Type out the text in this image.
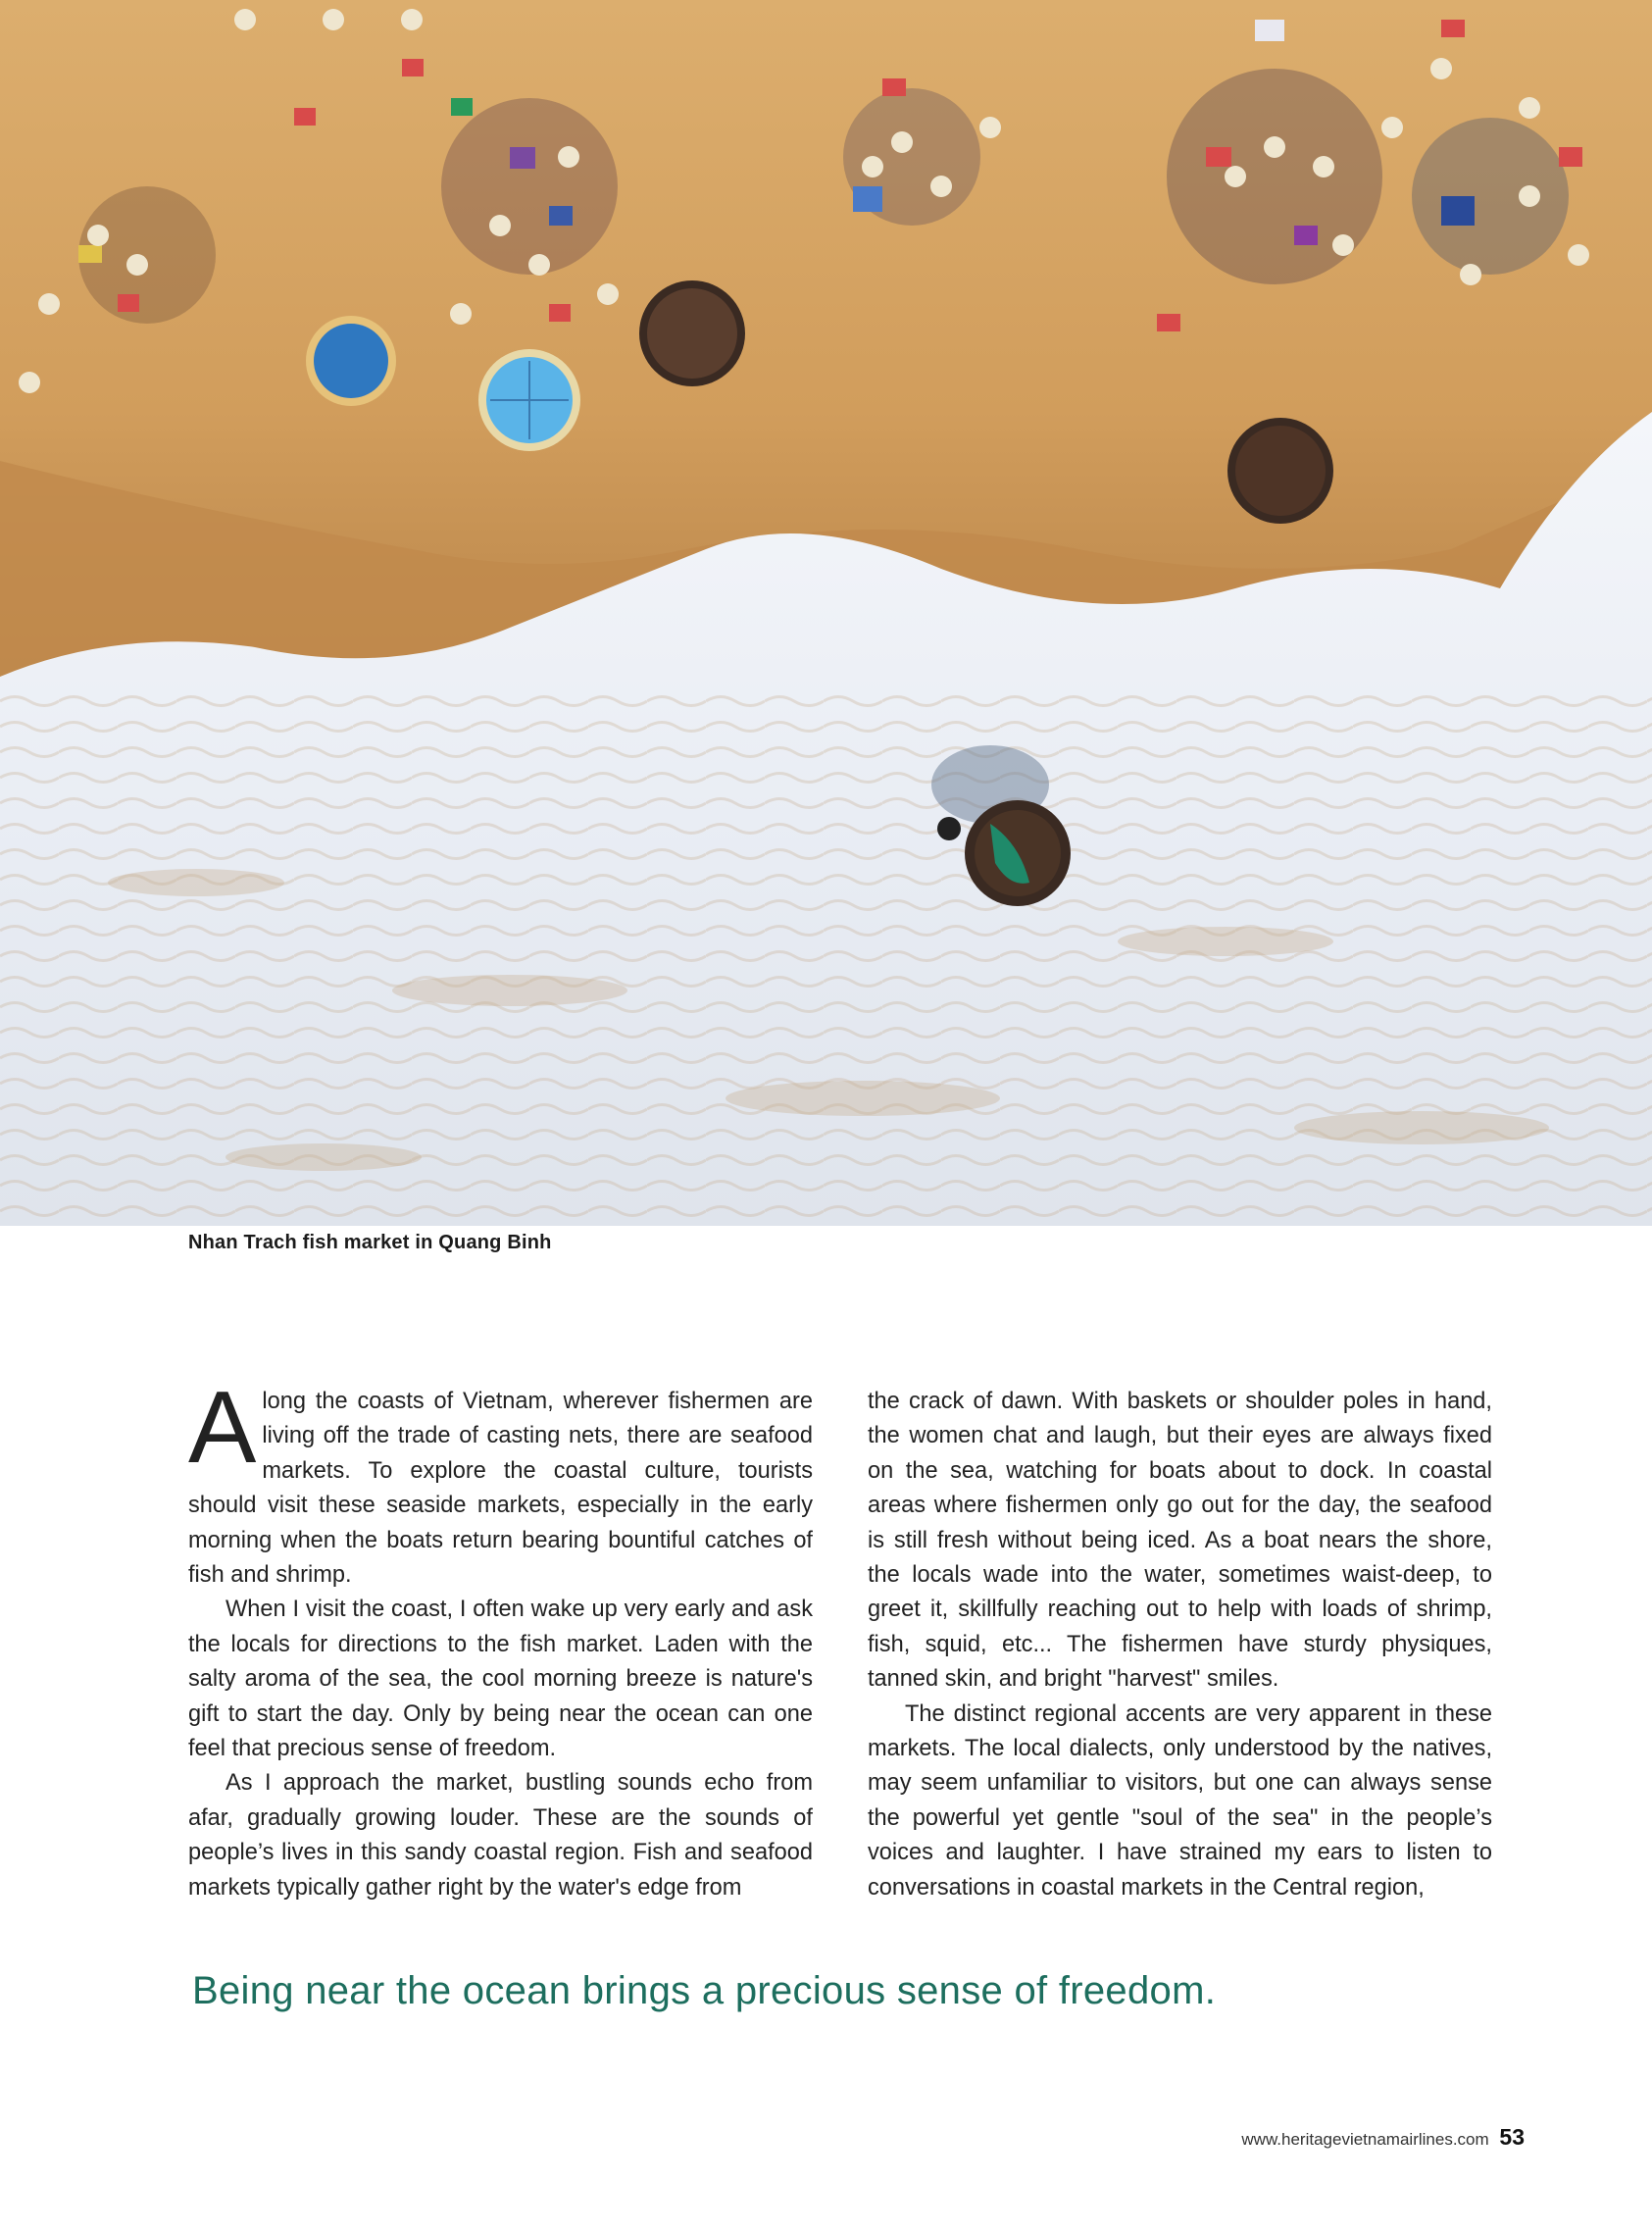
Nhan Trach fish market in Quang Binh

Along the coasts of Vietnam, wherever fishermen are living off the trade of casting nets, there are seafood markets. To explore the coastal culture, tourists should visit these seaside markets, especially in the early morning when the boats return bearing bountiful catches of fish and shrimp.

When I visit the coast, I often wake up very early and ask the locals for directions to the fish market. Laden with the salty aroma of the sea, the cool morning breeze is nature's gift to start the day. Only by being near the ocean can one feel that precious sense of freedom.

As I approach the market, bustling sounds echo from afar, gradually growing louder. These are the sounds of people’s lives in this sandy coastal region. Fish and seafood markets typically gather right by the water's edge from

the crack of dawn. With baskets or shoulder poles in hand, the women chat and laugh, but their eyes are always fixed on the sea, watching for boats about to dock. In coastal areas where fishermen only go out for the day, the seafood is still fresh without being iced. As a boat nears the shore, the locals wade into the water, sometimes waist-deep, to greet it, skillfully reaching out to help with loads of shrimp, fish, squid, etc... The fishermen have sturdy physiques, tanned skin, and bright "harvest" smiles.

The distinct regional accents are very apparent in these markets. The local dialects, only understood by the natives, may seem unfamiliar to visitors, but one can always sense the powerful yet gentle "soul of the sea" in the people’s voices and laughter. I have strained my ears to listen to conversations in coastal markets in the Central region,

Being near the ocean brings a precious sense of freedom.
www.heritagevietnamairlines.com 53
